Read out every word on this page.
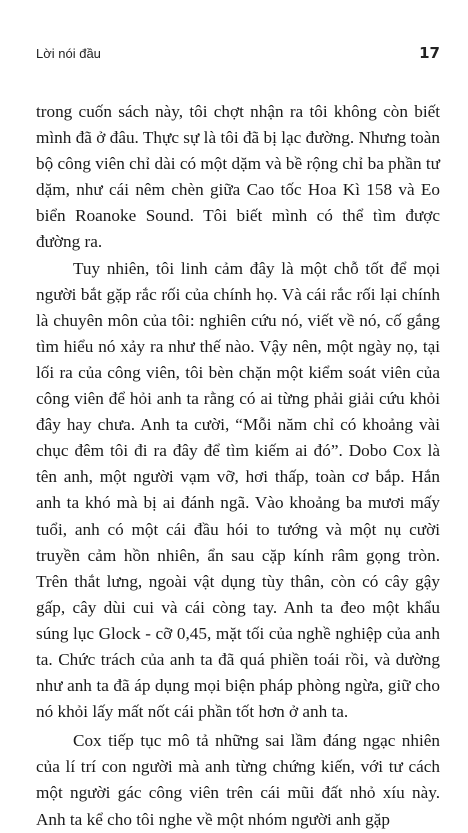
Lời nói đầu	17

trong cuốn sách này, tôi chợt nhận ra tôi không còn biết mình đã ở đâu. Thực sự là tôi đã bị lạc đường. Nhưng toàn bộ công viên chỉ dài có một dặm và bề rộng chỉ ba phần tư dặm, như cái nêm chèn giữa Cao tốc Hoa Kì 158 và Eo biển Roanoke Sound. Tôi biết mình có thể tìm được đường ra.

Tuy nhiên, tôi linh cảm đây là một chỗ tốt để mọi người bắt gặp rắc rối của chính họ. Và cái rắc rối lại chính là chuyên môn của tôi: nghiên cứu nó, viết về nó, cố gắng tìm hiểu nó xảy ra như thế nào. Vậy nên, một ngày nọ, tại lối ra của công viên, tôi bèn chặn một kiểm soát viên của công viên để hỏi anh ta rằng có ai từng phải giải cứu khỏi đây hay chưa. Anh ta cười, “Mỗi năm chỉ có khoảng vài chục đêm tôi đi ra đây để tìm kiếm ai đó”. Dobo Cox là tên anh, một người vạm vỡ, hơi thấp, toàn cơ bắp. Hắn anh ta khó mà bị ai đánh ngã. Vào khoảng ba mươi mấy tuổi, anh có một cái đầu hói to tướng và một nụ cười truyền cảm hồn nhiên, ẩn sau cặp kính râm gọng tròn. Trên thắt lưng, ngoài vật dụng tùy thân, còn có cây gậy gấp, cây dùi cui và cái còng tay. Anh ta đeo một khẩu súng lục Glock - cỡ 0,45, mặt tối của nghề nghiệp của anh ta. Chức trách của anh ta đã quá phiền toái rồi, và dường như anh ta đã áp dụng mọi biện pháp phòng ngừa, giữ cho nó khỏi lấy mất nốt cái phần tốt hơn ở anh ta.

Cox tiếp tục mô tả những sai lầm đáng ngạc nhiên của lí trí con người mà anh từng chứng kiến, với tư cách một người gác công viên trên cái mũi đất nhỏ xíu này. Anh ta kể cho tôi nghe về một nhóm người anh gặp
